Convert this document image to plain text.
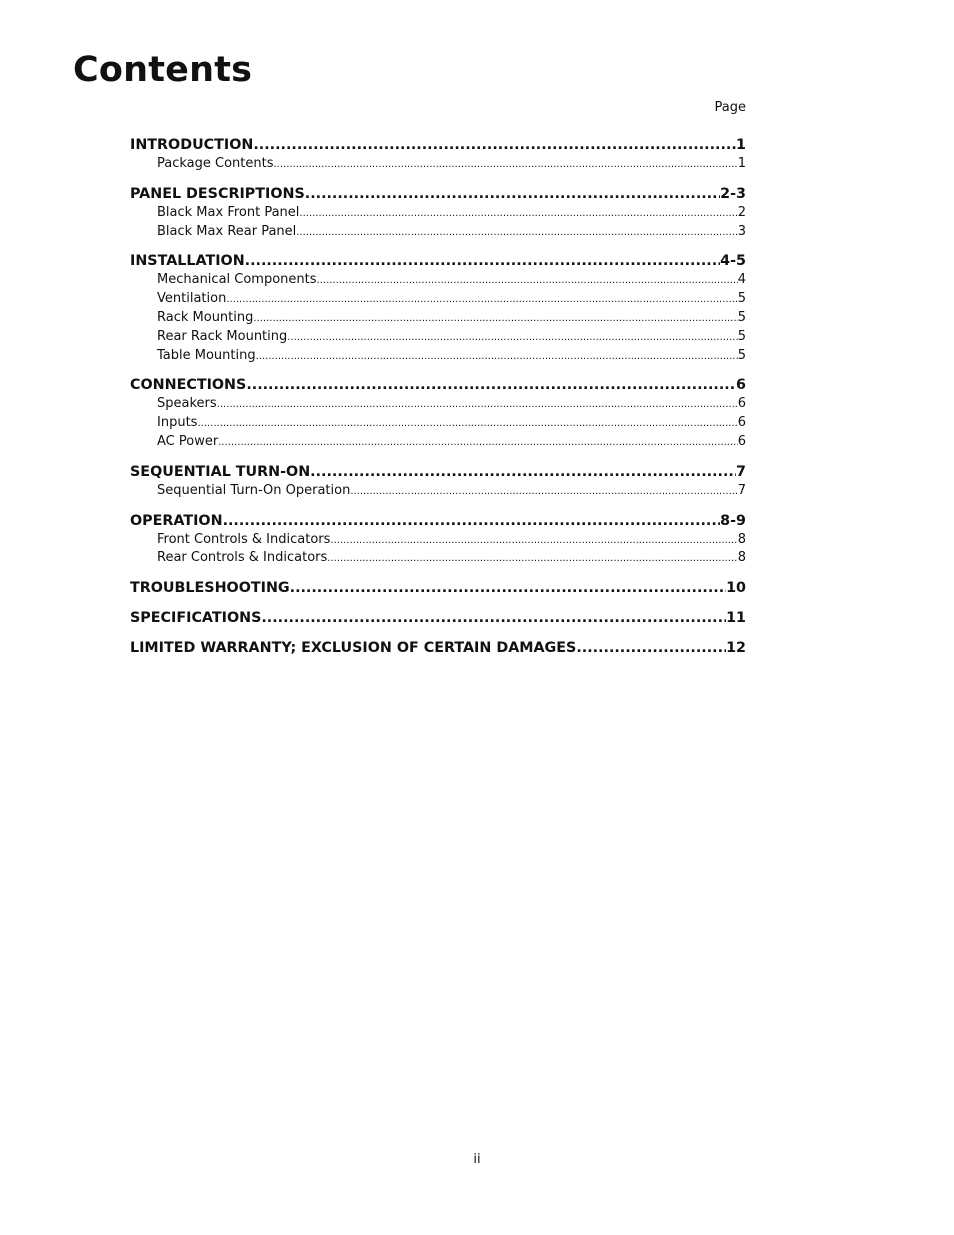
Contents
Page
INTRODUCTION .....	1
Package Contents .....	1
PANEL DESCRIPTIONS .....	2-3
Black Max Front Panel .....	2
Black Max Rear Panel .....	3
INSTALLATION .....	4-5
Mechanical Components .....	4
Ventilation .....	5
Rack Mounting .....	5
Rear Rack Mounting .....	5
Table Mounting .....	5
CONNECTIONS .....	6
Speakers .....	6
Inputs .....	6
AC Power .....	6
SEQUENTIAL TURN-ON .....	7
Sequential Turn-On Operation .....	7
OPERATION .....	8-9
Front Controls & Indicators .....	8
Rear Controls & Indicators .....	8
TROUBLESHOOTING .....	10
SPECIFICATIONS .....	11
LIMITED WARRANTY; EXCLUSION OF CERTAIN DAMAGES .....	12
ii
